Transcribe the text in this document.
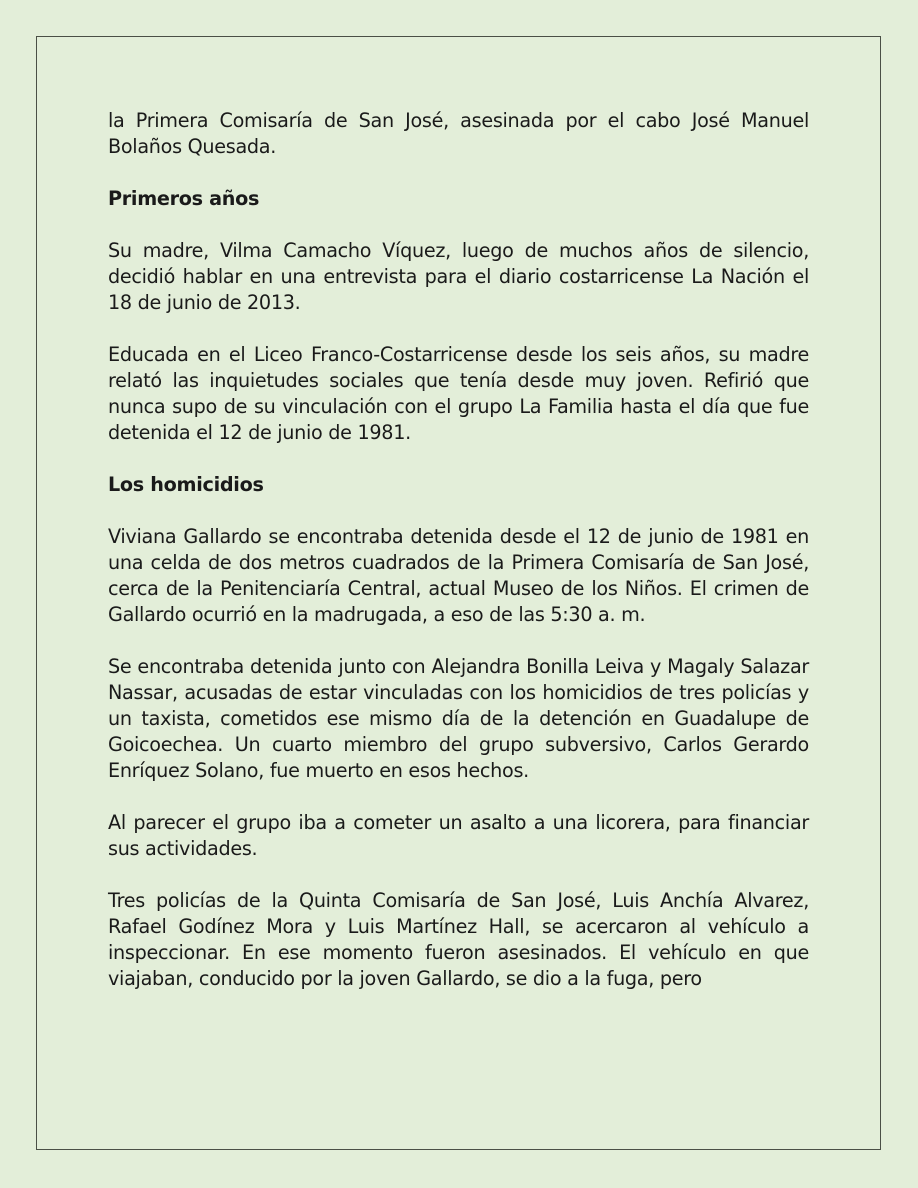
la Primera Comisaría de San José, asesinada por el cabo José Manuel Bolaños Quesada.

Primeros años

Su madre, Vilma Camacho Víquez, luego de muchos años de silencio, decidió hablar en una entrevista para el diario costarricense La Nación el 18 de junio de 2013.

Educada en el Liceo Franco-Costarricense desde los seis años, su madre relató las inquietudes sociales que tenía desde muy joven. Refirió que nunca supo de su vinculación con el grupo La Familia hasta el día que fue detenida el 12 de junio de 1981.

Los homicidios

Viviana Gallardo se encontraba detenida desde el 12 de junio de 1981 en una celda de dos metros cuadrados de la Primera Comisaría de San José, cerca de la Penitenciaría Central, actual Museo de los Niños. El crimen de Gallardo ocurrió en la madrugada, a eso de las 5:30 a. m.

Se encontraba detenida junto con Alejandra Bonilla Leiva y Magaly Salazar Nassar, acusadas de estar vinculadas con los homicidios de tres policías y un taxista, cometidos ese mismo día de la detención en Guadalupe de Goicoechea. Un cuarto miembro del grupo subversivo, Carlos Gerardo Enríquez Solano, fue muerto en esos hechos.

Al parecer el grupo iba a cometer un asalto a una licorera, para financiar sus actividades.

Tres policías de la Quinta Comisaría de San José, Luis Anchía Alvarez, Rafael Godínez Mora y Luis Martínez Hall, se acercaron al vehículo a inspeccionar. En ese momento fueron asesinados. El vehículo en que viajaban, conducido por la joven Gallardo, se dio a la fuga, pero
